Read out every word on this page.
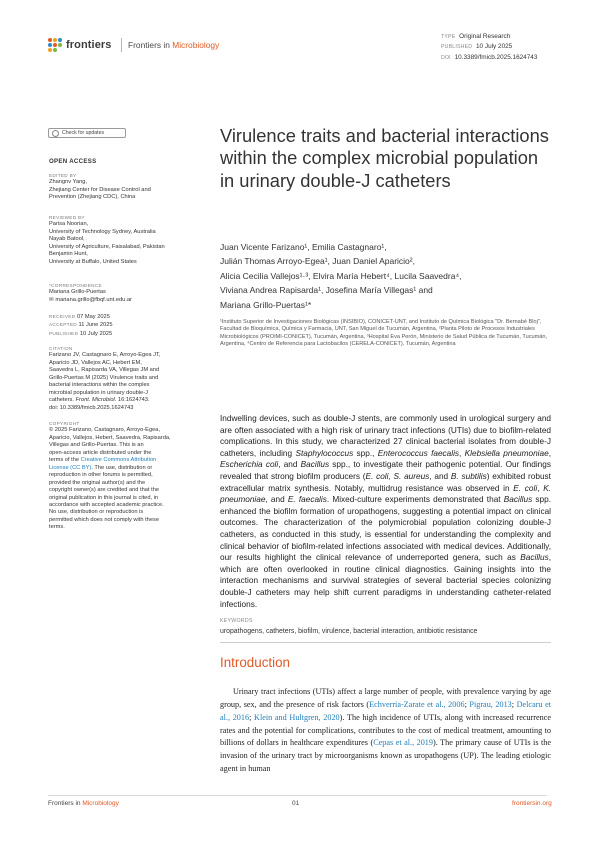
frontiers Frontiers in Microbiology
TYPE Original Research
PUBLISHED 10 July 2025
DOI 10.3389/fmicb.2025.1624743
Check for updates
OPEN ACCESS
EDITED BY
Zhangnv Yang,
Zhejiang Center for Disease Control and
Prevention (Zhejiang CDC), China
REVIEWED BY
Parisa Noorian,
University of Technology Sydney, Australia
Nayab Batool,
University of Agriculture, Faisalabad, Pakistan
Benjamin Hunt,
University at Buffalo, United States
*CORRESPONDENCE
Mariana Grillo-Puertas
✉ mariana.grillo@fbqf.unt.edu.ar
RECEIVED 07 May 2025
ACCEPTED 11 June 2025
PUBLISHED 10 July 2025
CITATION
Farizano JV, Castagnaro E, Arroyo-Egea JT,
Aparicio JD, Vallejos AC, Hebert EM,
Saavedra L, Rapisarda VA, Villegas JM and
Grillo-Puertas M (2025) Virulence traits and
bacterial interactions within the complex
microbial population in urinary double-J
catheters. Front. Microbiol. 16:1624743.
doi: 10.3389/fmicb.2025.1624743
COPYRIGHT
© 2025 Farizano, Castagnaro, Arroyo-Egea,
Aparicio, Vallejos, Hebert, Saavedra, Rapisarda,
Villegas and Grillo-Puertas. This is an
open-access article distributed under the
terms of the Creative Commons Attribution
License (CC BY). The use, distribution or
reproduction in other forums is permitted,
provided the original author(s) and the
copyright owner(s) are credited and that the
original publication in this journal is cited, in
accordance with accepted academic practice.
No use, distribution or reproduction is
permitted which does not comply with these
terms.
Virulence traits and bacterial interactions within the complex microbial population in urinary double-J catheters
Juan Vicente Farizano¹, Emilia Castagnaro¹,
Julián Thomas Arroyo-Egea¹, Juan Daniel Aparicio²,
Alicia Cecilia Vallejos¹·³, Elvira María Hebert⁴, Lucila Saavedra⁴,
Viviana Andrea Rapisarda¹, Josefina María Villegas¹ and
Mariana Grillo-Puertas¹*
¹Instituto Superior de Investigaciones Biológicas (INSIBIO), CONICET-UNT, and Instituto de Química Biológica "Dr. Bernabé Bloj", Facultad de Bioquímica, Química y Farmacia, UNT, San Miguel de Tucumán, Argentina, ²Planta Piloto de Procesos Industriales Microbiológicos (PROIMI-CONICET), Tucumán, Argentina, ³Hospital Eva Perón, Ministerio de Salud Pública de Tucumán, Tucumán, Argentina, ⁴Centro de Referencia para Lactobacilos (CERELA-CONICET), Tucumán, Argentina
Indwelling devices, such as double-J stents, are commonly used in urological surgery and are often associated with a high risk of urinary tract infections (UTIs) due to biofilm-related complications. In this study, we characterized 27 clinical bacterial isolates from double-J catheters, including Staphylococcus spp., Enterococcus faecalis, Klebsiella pneumoniae, Escherichia coli, and Bacillus spp., to investigate their pathogenic potential. Our findings revealed that strong biofilm producers (E. coli, S. aureus, and B. subtilis) exhibited robust extracellular matrix synthesis. Notably, multidrug resistance was observed in E. coli, K. pneumoniae, and E. faecalis. Mixed-culture experiments demonstrated that Bacillus spp. enhanced the biofilm formation of uropathogens, suggesting a potential impact on clinical outcomes. The characterization of the polymicrobial population colonizing double-J catheters, as conducted in this study, is essential for understanding the complexity and clinical behavior of biofilm-related infections associated with medical devices. Additionally, our results highlight the clinical relevance of underreported genera, such as Bacillus, which are often overlooked in routine clinical diagnostics. Gaining insights into the interaction mechanisms and survival strategies of several bacterial species colonizing double-J catheters may help shift current paradigms in understanding catheter-related infections.
KEYWORDS
uropathogens, catheters, biofilm, virulence, bacterial interaction, antibiotic resistance
Introduction
Urinary tract infections (UTIs) affect a large number of people, with prevalence varying by age group, sex, and the presence of risk factors (Echverria-Zarate et al., 2006; Pigrau, 2013; Delcaru et al., 2016; Klein and Hultgren, 2020). The high incidence of UTIs, along with increased recurrence rates and the potential for complications, contributes to the cost of medical treatment, amounting to billions of dollars in healthcare expenditures (Cepas et al., 2019). The primary cause of UTIs is the invasion of the urinary tract by microorganisms known as uropathogens (UP). The leading etiologic agent in human
Frontiers in Microbiology	01	frontiersin.org
